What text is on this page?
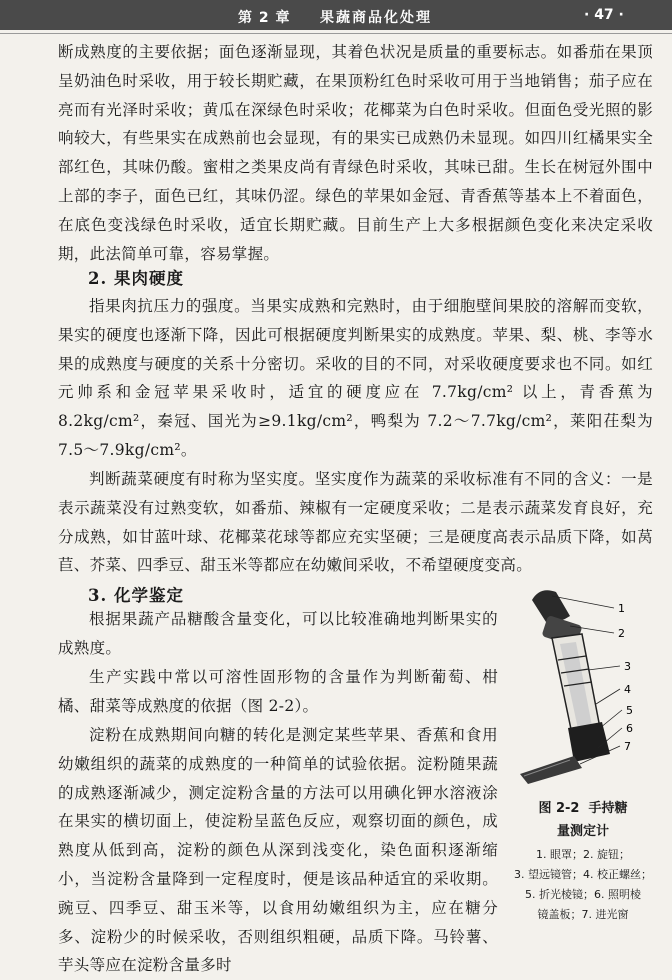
第 2 章 果蔬商品化处理	· 47 ·

断成熟度的主要依据；面色逐渐显现，其着色状况是质量的重要标志。如番茄在果顶呈奶油色时采收，用于较长期贮藏，在果顶粉红色时采收可用于当地销售；茄子应在亮而有光泽时采收；黄瓜在深绿色时采收；花椰菜为白色时采收。但面色受光照的影响较大，有些果实在成熟前也会显现，有的果实已成熟仍未显现。如四川红橘果实全部红色，其味仍酸。蜜柑之类果皮尚有青绿色时采收，其味已甜。生长在树冠外围中上部的李子，面色已红，其味仍涩。绿色的苹果如金冠、青香蕉等基本上不着面色，在底色变浅绿色时采收，适宜长期贮藏。目前生产上大多根据颜色变化来决定采收期，此法简单可靠，容易掌握。

2. 果肉硬度

指果肉抗压力的强度。当果实成熟和完熟时，由于细胞壁间果胶的溶解而变软，果实的硬度也逐渐下降，因此可根据硬度判断果实的成熟度。苹果、梨、桃、李等水果的成熟度与硬度的关系十分密切。采收的目的不同，对采收硬度要求也不同。如红元帅系和金冠苹果采收时，适宜的硬度应在 7.7kg/cm² 以上，青香蕉为 8.2kg/cm²，秦冠、国光为≥9.1kg/cm²，鸭梨为 7.2～7.7kg/cm²，莱阳茌梨为 7.5～7.9kg/cm²。

判断蔬菜硬度有时称为坚实度。坚实度作为蔬菜的采收标准有不同的含义：一是表示蔬菜没有过熟变软，如番茄、辣椒有一定硬度采收；二是表示蔬菜发育良好，充分成熟，如甘蓝叶球、花椰菜花球等都应充实坚硬；三是硬度高表示品质下降，如莴苣、芥菜、四季豆、甜玉米等都应在幼嫩间采收，不希望硬度变高。

3. 化学鉴定

根据果蔬产品糖酸含量变化，可以比较准确地判断果实的成熟度。

生产实践中常以可溶性固形物的含量作为判断葡萄、柑橘、甜菜等成熟度的依据（图 2-2）。

淀粉在成熟期间向糖的转化是测定某些苹果、香蕉和食用幼嫩组织的蔬菜的成熟度的一种简单的试验依据。淀粉随果蔬的成熟逐渐减少，测定淀粉含量的方法可以用碘化钾水溶液涂在果实的横切面上，使淀粉呈蓝色反应，观察切面的颜色，成熟度从低到高，淀粉的颜色从深到浅变化，染色面积逐渐缩小，当淀粉含量降到一定程度时，便是该品种适宜的采收期。豌豆、四季豆、甜玉米等，以食用幼嫩组织为主，应在糖分多、淀粉少的时候采收，否则组织粗硬，品质下降。马铃薯、芋头等应在淀粉含量多时

1
2
3
4
5
6
7
图 2-2 手持糖
量测定计
1. 眼罩；2. 旋钮；
3. 望远镜管；4. 校正螺丝；
5. 折光棱镜；6. 照明棱
镜盖板；7. 进光窗
